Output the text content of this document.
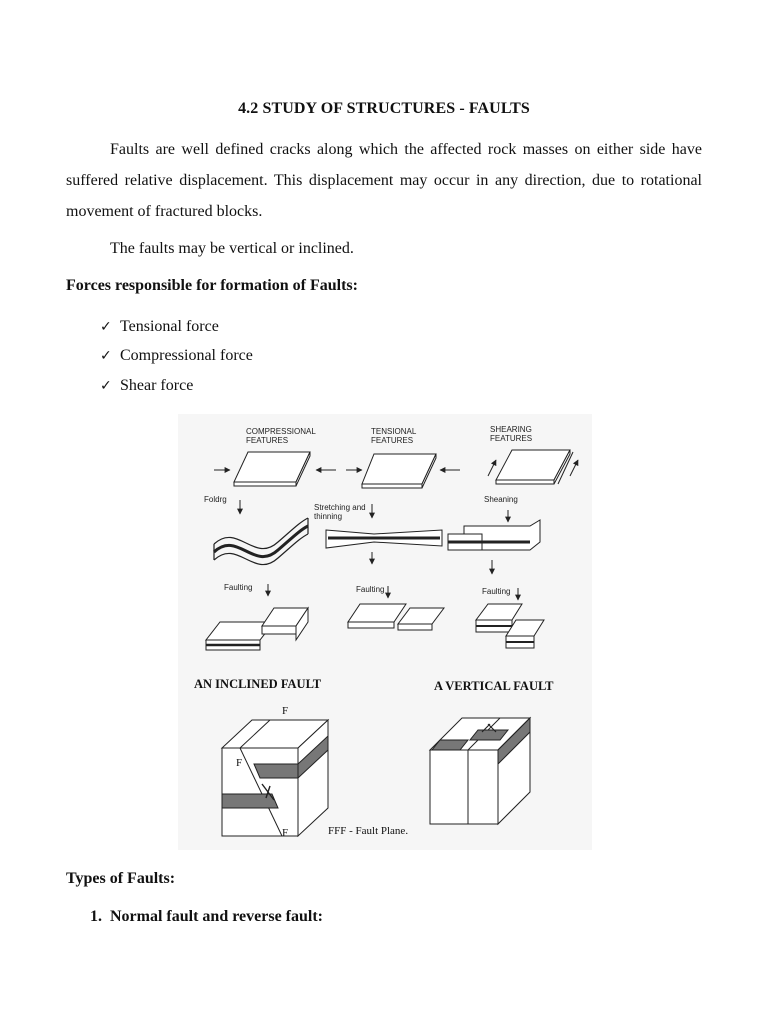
4.2 STUDY OF STRUCTURES - FAULTS
Faults are well defined cracks along which the affected rock masses on either side have suffered relative displacement. This displacement may occur in any direction, due to rotational movement of fractured blocks.
The faults may be vertical or inclined.
Forces responsible for formation of Faults:
✓ Tensional force
✓ Compressional force
✓ Shear force
COMPRESSIONAL
FEATURES
TENSIONAL
FEATURES
SHEARING
FEATURES
Foldrg
Stretching and
thinning
Sheaning
Faulting	Faulting	Faulting
AN INCLINED FAULT	A VERTICAL FAULT
F
F
F	FFF - Fault Plane.
Types of Faults:
1. Normal fault and reverse fault:
